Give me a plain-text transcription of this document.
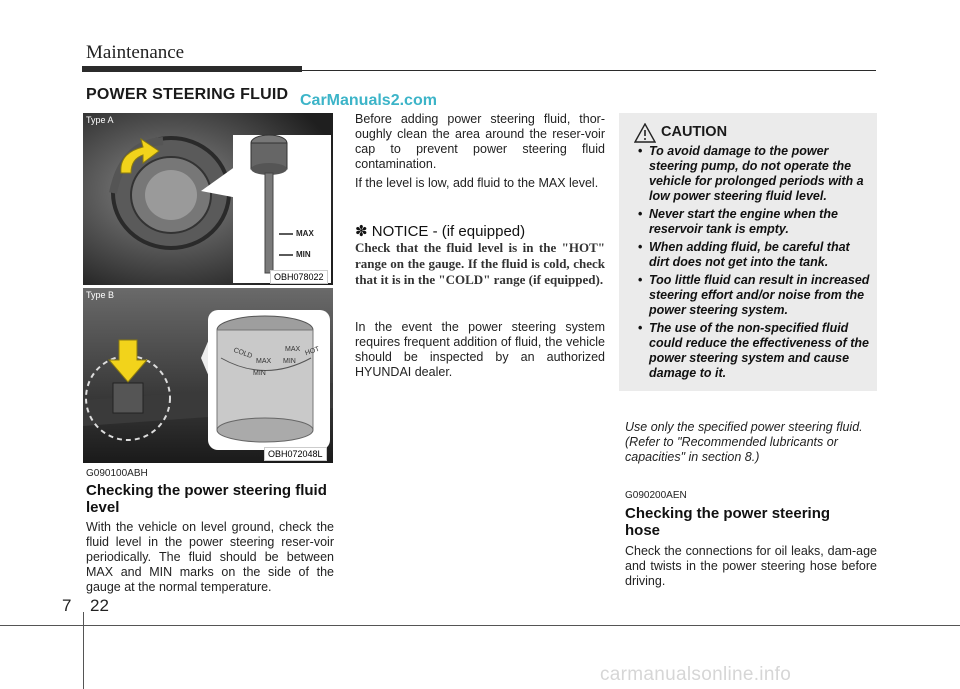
Maintenance
POWER STEERING FLUID CarManuals2.com
Type A
MAX
MIN
OBH078022
Type B
COLD
MAX
MIN
MIN
MAX HOT
OBH072048L
G090100ABH
Checking the power steering fluid level
With the vehicle on level ground, check the fluid level in the power steering reser-voir periodically. The fluid should be between MAX and MIN marks on the side of the gauge at the normal temperature.
Before adding power steering fluid, thor-oughly clean the area around the reser-voir cap to prevent power steering fluid contamination.
If the level is low, add fluid to the MAX level.
✽ NOTICE - (if equipped)
Check that the fluid level is in the "HOT" range on the gauge. If the fluid is cold, check that it is in the "COLD" range (if equipped).
In the event the power steering system requires frequent addition of fluid, the vehicle should be inspected by an authorized HYUNDAI dealer.
CAUTION
• To avoid damage to the power steering pump, do not operate the vehicle for prolonged periods with a low power steering fluid level.
• Never start the engine when the reservoir tank is empty.
• When adding fluid, be careful that dirt does not get into the tank.
• Too little fluid can result in increased steering effort and/or noise from the power steering system.
• The use of the non-specified fluid could reduce the effectiveness of the power steering system and cause damage to it.
Use only the specified power steering fluid. (Refer to "Recommended lubricants or capacities" in section 8.)
G090200AEN
Checking the power steering hose
Check the connections for oil leaks, dam-age and twists in the power steering hose before driving.
7 22
carmanualsonline.info
